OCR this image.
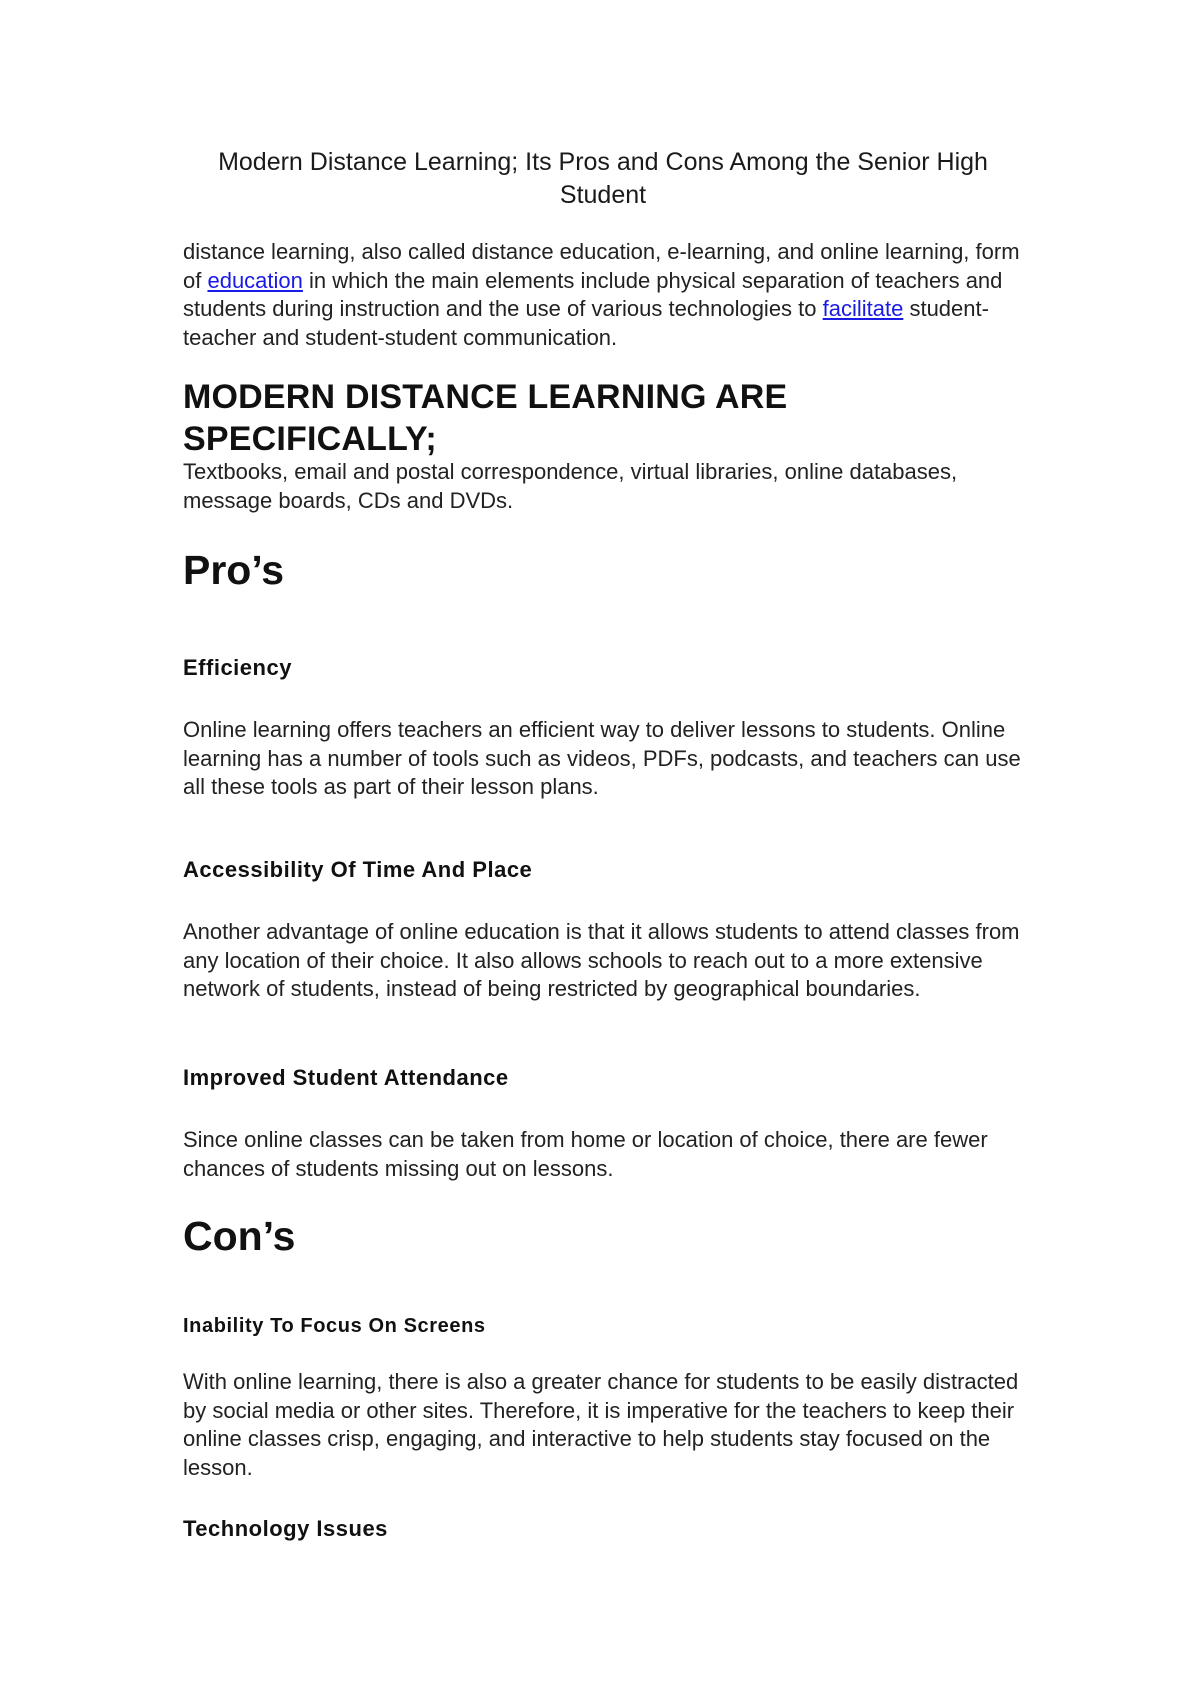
Modern Distance Learning; Its Pros and Cons Among the Senior High Student

distance learning, also called distance education, e-learning, and online learning, form of education in which the main elements include physical separation of teachers and students during instruction and the use of various technologies to facilitate student-teacher and student-student communication.

MODERN DISTANCE LEARNING ARE SPECIFICALLY;

Textbooks, email and postal correspondence, virtual libraries, online databases, message boards, CDs and DVDs.

Pro’s
Efficiency

Online learning offers teachers an efficient way to deliver lessons to students. Online learning has a number of tools such as videos, PDFs, podcasts, and teachers can use all these tools as part of their lesson plans.

Accessibility Of Time And Place

Another advantage of online education is that it allows students to attend classes from any location of their choice. It also allows schools to reach out to a more extensive network of students, instead of being restricted by geographical boundaries.

Improved Student Attendance

Since online classes can be taken from home or location of choice, there are fewer chances of students missing out on lessons.

Con’s
Inability To Focus On Screens

With online learning, there is also a greater chance for students to be easily distracted by social media or other sites. Therefore, it is imperative for the teachers to keep their online classes crisp, engaging, and interactive to help students stay focused on the lesson.

Technology Issues
